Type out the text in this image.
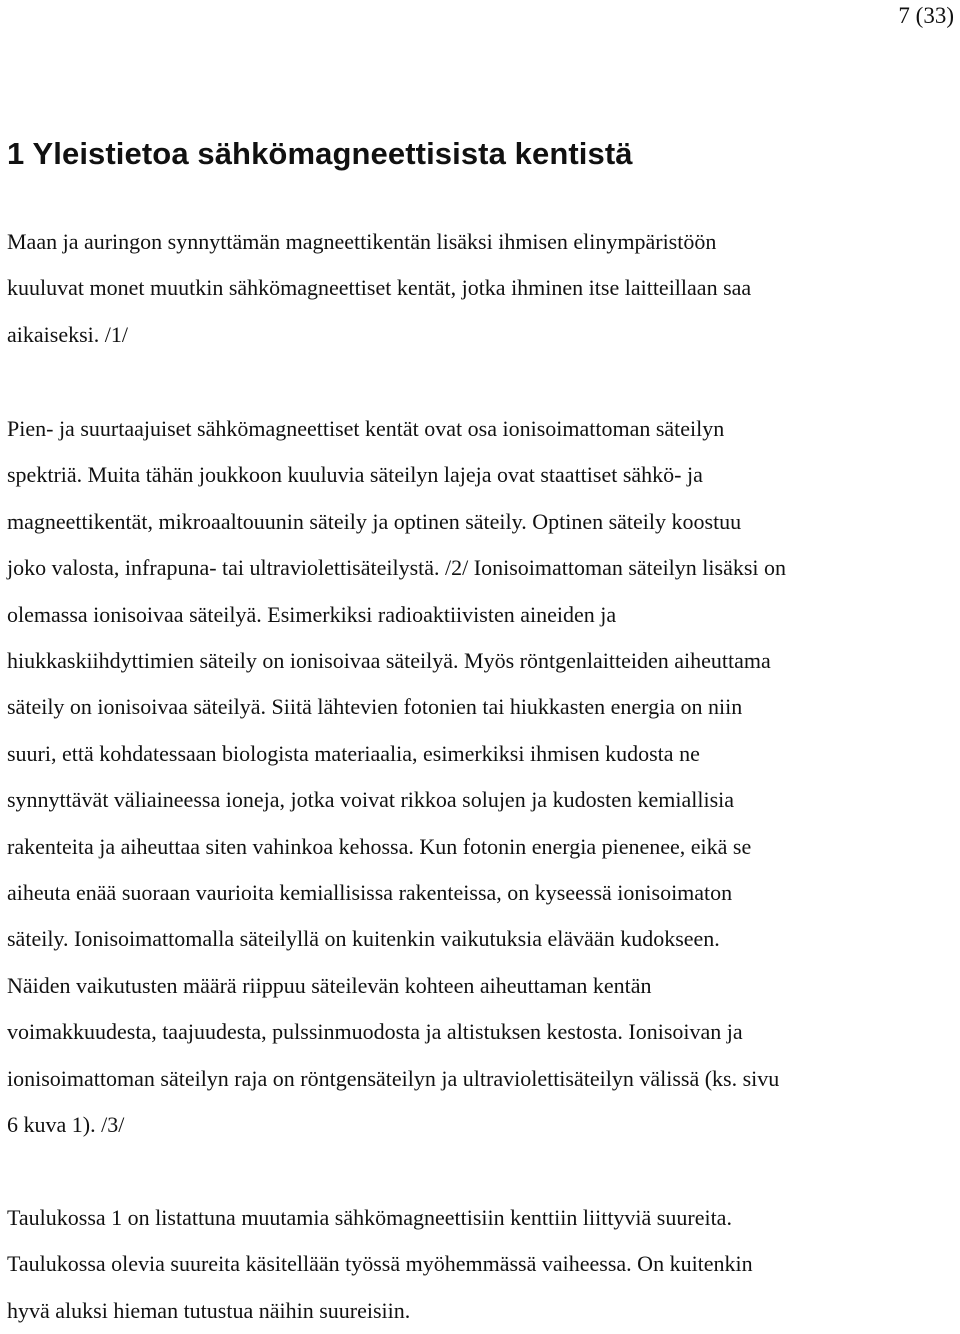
7 (33)
1 Yleistietoa sähkömagneettisista kentistä
Maan ja auringon synnyttämän magneettikentän lisäksi ihmisen elinympäristöön
kuuluvat monet muutkin sähkömagneettiset kentät, jotka ihminen itse laitteillaan saa
aikaiseksi. /1/
Pien- ja suurtaajuiset sähkömagneettiset kentät ovat osa ionisoimattoman säteilyn
spektriä. Muita tähän joukkoon kuuluvia säteilyn lajeja ovat staattiset sähkö- ja
magneettikentät, mikroaaltouunin säteily ja optinen säteily. Optinen säteily koostuu
joko valosta, infrapuna- tai ultraviolettisäteilystä. /2/ Ionisoimattoman säteilyn lisäksi on
olemassa ionisoivaa säteilyä. Esimerkiksi radioaktiivisten aineiden ja
hiukkaskiihdyttimien säteily on ionisoivaa säteilyä. Myös röntgenlaitteiden aiheuttama
säteily on ionisoivaa säteilyä. Siitä lähtevien fotonien tai hiukkasten energia on niin
suuri, että kohdatessaan biologista materiaalia, esimerkiksi ihmisen kudosta ne
synnyttävät väliaineessa ioneja, jotka voivat rikkoa solujen ja kudosten kemiallisia
rakenteita ja aiheuttaa siten vahinkoa kehossa. Kun fotonin energia pienenee, eikä se
aiheuta enää suoraan vaurioita kemiallisissa rakenteissa, on kyseessä ionisoimaton
säteily. Ionisoimattomalla säteilyllä on kuitenkin vaikutuksia elävään kudokseen.
Näiden vaikutusten määrä riippuu säteilevän kohteen aiheuttaman kentän
voimakkuudesta, taajuudesta, pulssinmuodosta ja altistuksen kestosta. Ionisoivan ja
ionisoimattoman säteilyn raja on röntgensäteilyn ja ultraviolettisäteilyn välissä (ks. sivu
6 kuva 1). /3/
Taulukossa 1 on listattuna muutamia sähkömagneettisiin kenttiin liittyviä suureita.
Taulukossa olevia suureita käsitellään työssä myöhemmässä vaiheessa. On kuitenkin
hyvä aluksi hieman tutustua näihin suureisiin.
